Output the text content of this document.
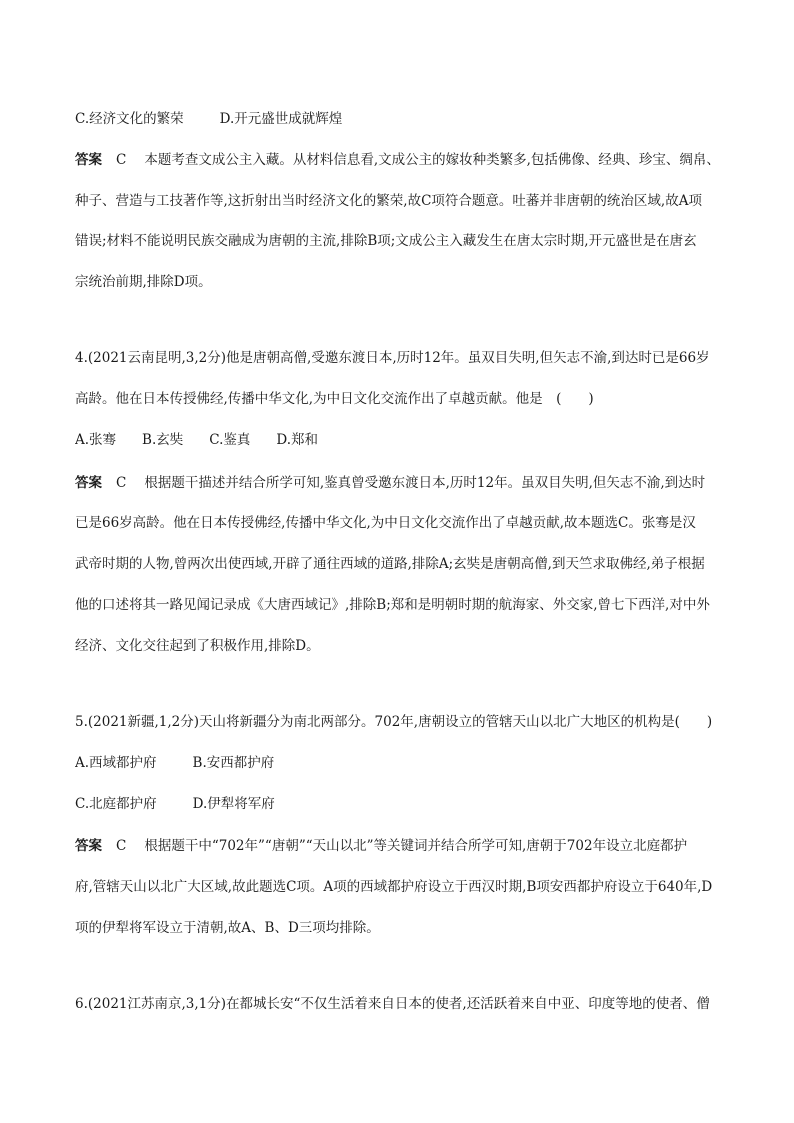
C.经济文化的繁荣	D.开元盛世成就辉煌
答案 C 本题考查文成公主入藏。从材料信息看,文成公主的嫁妆种类繁多,包括佛像、经典、珍宝、绸帛、
种子、营造与工技著作等,这折射出当时经济文化的繁荣,故C项符合题意。吐蕃并非唐朝的统治区域,故A项
错误;材料不能说明民族交融成为唐朝的主流,排除B项;文成公主入藏发生在唐太宗时期,开元盛世是在唐玄
宗统治前期,排除D项。
4.(2021云南昆明,3,2分)他是唐朝高僧,受邀东渡日本,历时12年。虽双目失明,但矢志不渝,到达时已是66岁
高龄。他在日本传授佛经,传播中华文化,为中日文化交流作出了卓越贡献。他是　(　　)
A.张骞 B.玄奘 C.鉴真 D.郑和
答案 C 根据题干描述并结合所学可知,鉴真曾受邀东渡日本,历时12年。虽双目失明,但矢志不渝,到达时
已是66岁高龄。他在日本传授佛经,传播中华文化,为中日文化交流作出了卓越贡献,故本题选C。张骞是汉
武帝时期的人物,曾两次出使西域,开辟了通往西域的道路,排除A;玄奘是唐朝高僧,到天竺求取佛经,弟子根据
他的口述将其一路见闻记录成《大唐西域记》,排除B;郑和是明朝时期的航海家、外交家,曾七下西洋,对中外
经济、文化交往起到了积极作用,排除D。
5.(2021新疆,1,2分)天山将新疆分为南北两部分。702年,唐朝设立的管辖天山以北广大地区的机构是(　　)
A.西域都护府	B.安西都护府
C.北庭都护府	D.伊犁将军府
答案 C 根据题干中“702年”“唐朝”“天山以北”等关键词并结合所学可知,唐朝于702年设立北庭都护
府,管辖天山以北广大区域,故此题选C项。A项的西域都护府设立于西汉时期,B项安西都护府设立于640年,D
项的伊犁将军设立于清朝,故A、B、D三项均排除。
6.(2021江苏南京,3,1分)在都城长安“不仅生活着来自日本的使者,还活跃着来自中亚、印度等地的使者、僧
